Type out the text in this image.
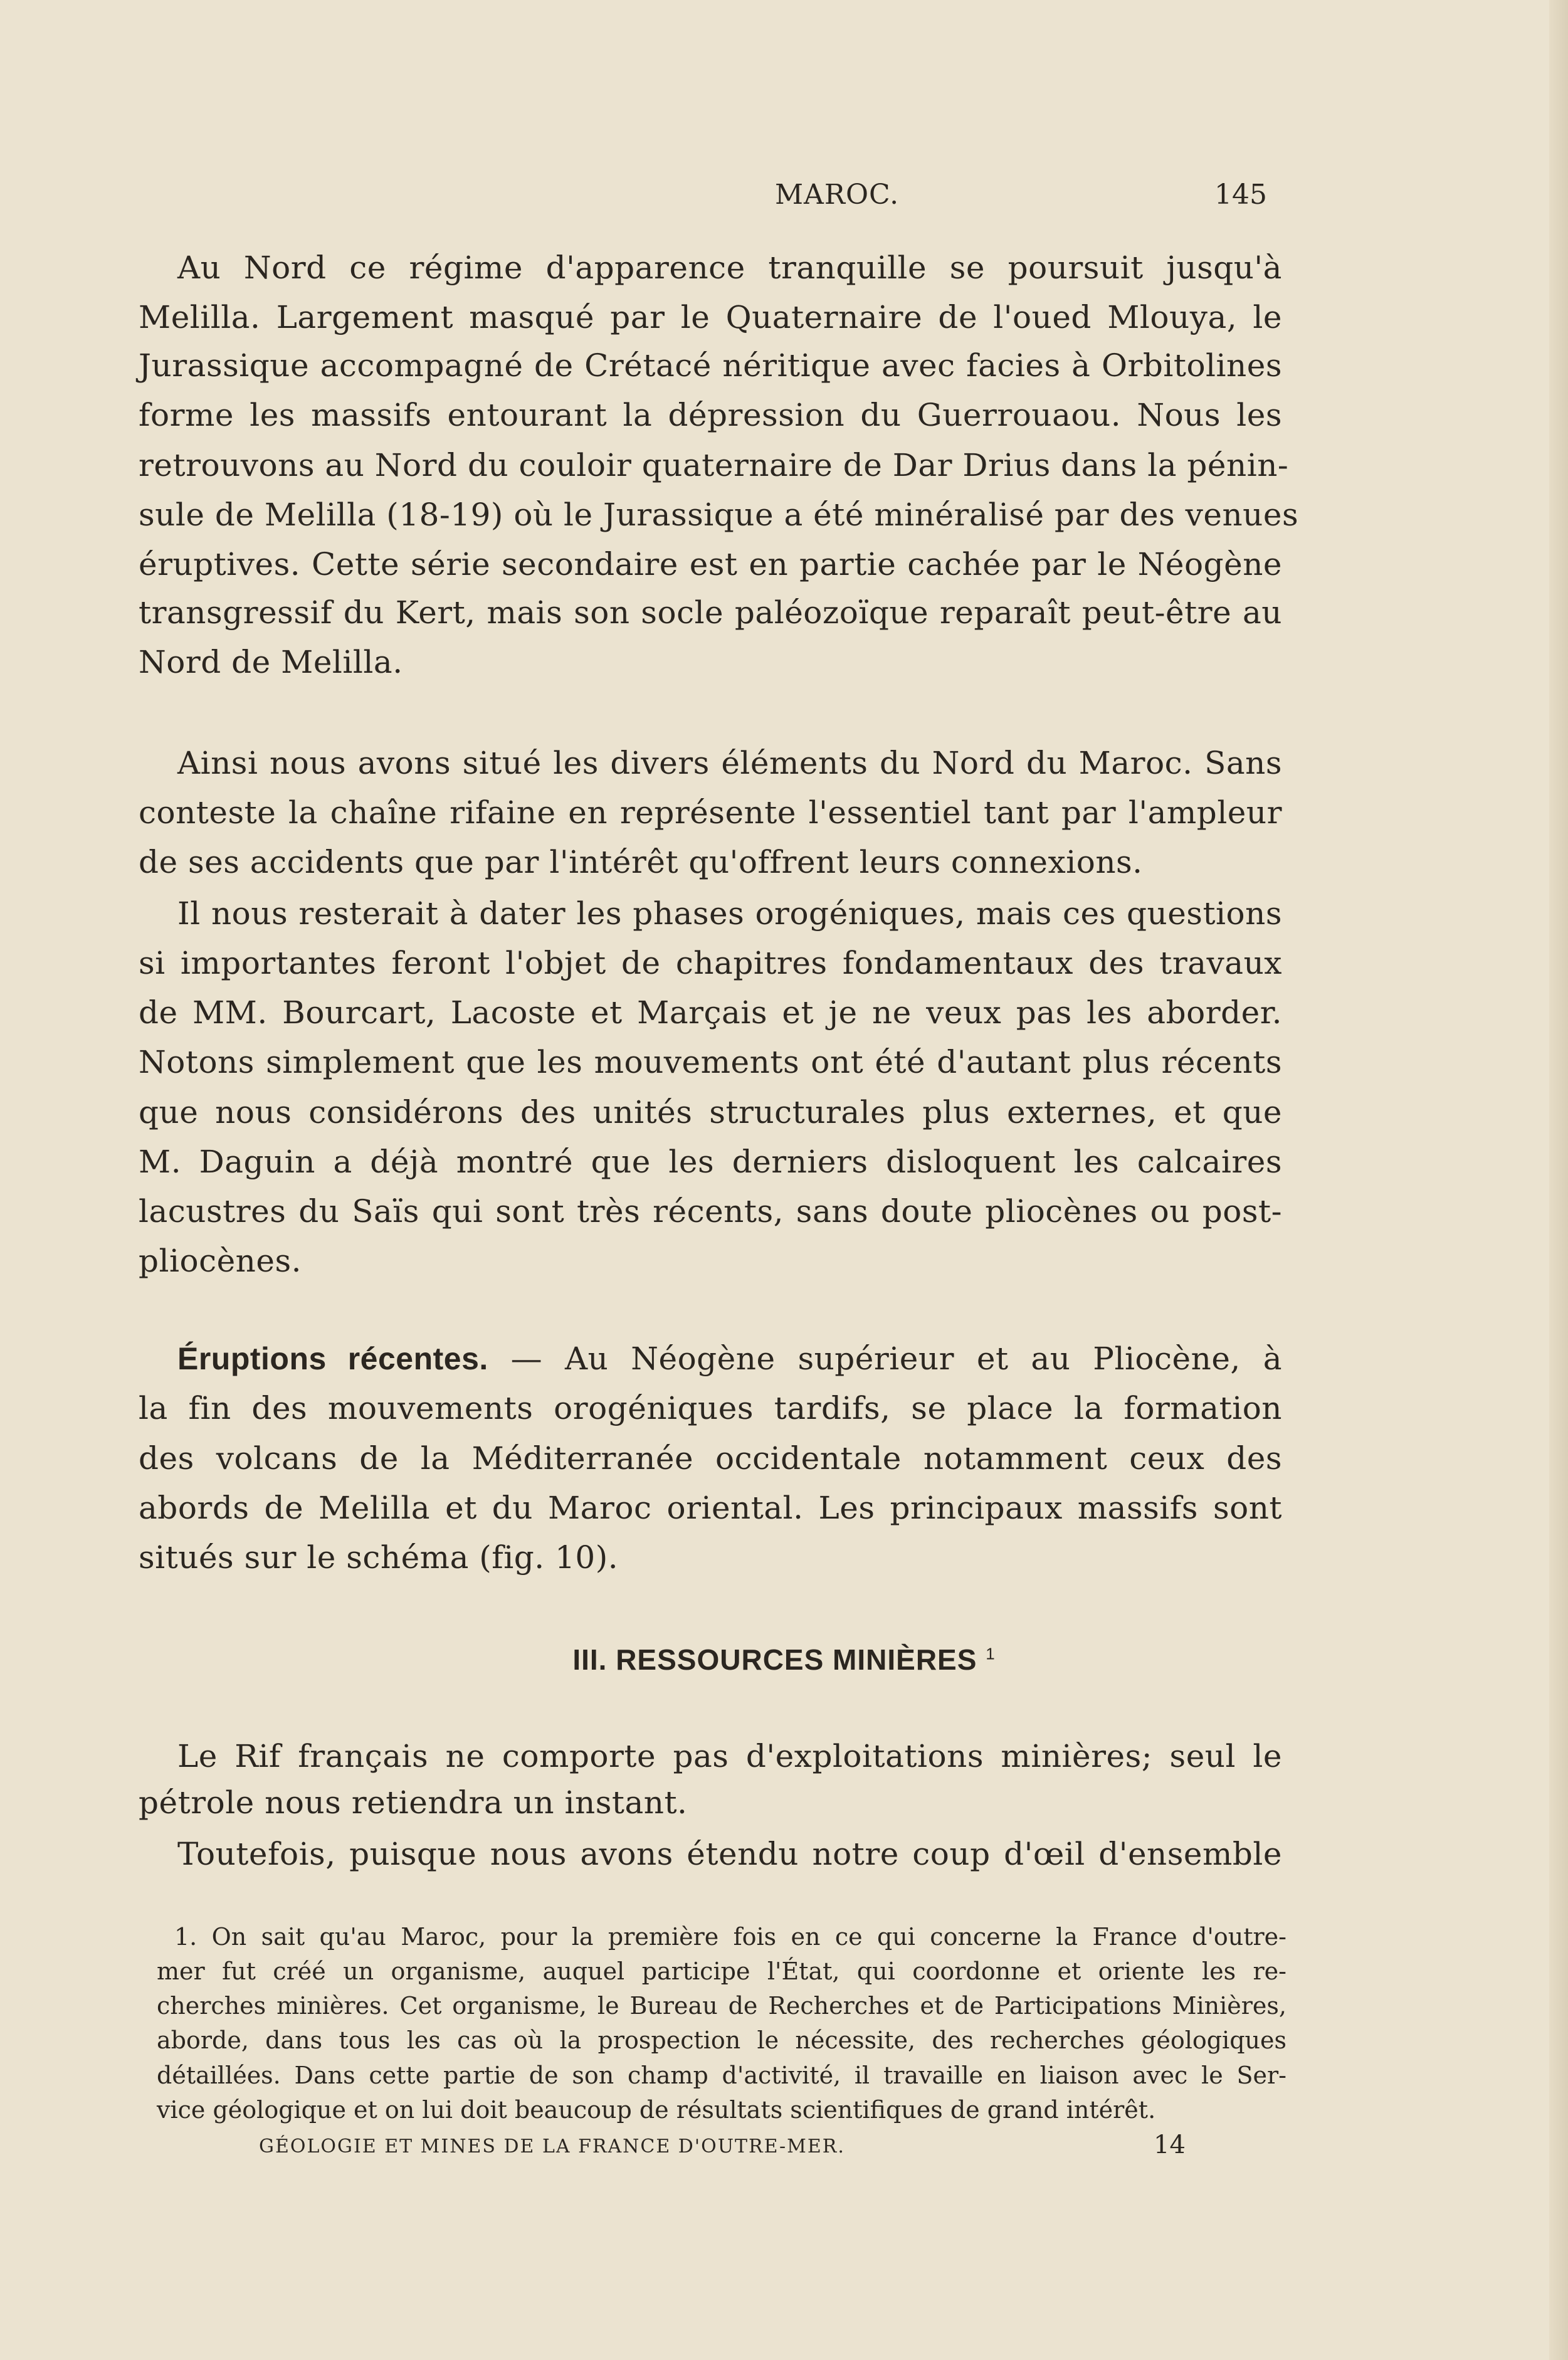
MAROC.	145
Au Nord ce régime d'apparence tranquille se poursuit jusqu'à
Melilla. Largement masqué par le Quaternaire de l'oued Mlouya, le
Jurassique accompagné de Crétacé néritique avec facies à Orbitolines
forme les massifs entourant la dépression du Guerrouaou. Nous les
retrouvons au Nord du couloir quaternaire de Dar Drius dans la pénin-
sule de Melilla (18-19) où le Jurassique a été minéralisé par des venues
éruptives. Cette série secondaire est en partie cachée par le Néogène
transgressif du Kert, mais son socle paléozoïque reparaît peut-être au
Nord de Melilla.
Ainsi nous avons situé les divers éléments du Nord du Maroc. Sans
conteste la chaîne rifaine en représente l'essentiel tant par l'ampleur
de ses accidents que par l'intérêt qu'offrent leurs connexions.
Il nous resterait à dater les phases orogéniques, mais ces questions
si importantes feront l'objet de chapitres fondamentaux des travaux
de MM. Bourcart, Lacoste et Marçais et je ne veux pas les aborder.
Notons simplement que les mouvements ont été d'autant plus récents
que nous considérons des unités structurales plus externes, et que
M. Daguin a déjà montré que les derniers disloquent les calcaires
lacustres du Saïs qui sont très récents, sans doute pliocènes ou post-
pliocènes.
Éruptions récentes. — Au Néogène supérieur et au Pliocène, à
la fin des mouvements orogéniques tardifs, se place la formation
des volcans de la Méditerranée occidentale notamment ceux des
abords de Melilla et du Maroc oriental. Les principaux massifs sont
situés sur le schéma (fig. 10).
Le Rif français ne comporte pas d'exploitations minières; seul le
pétrole nous retiendra un instant.
Toutefois, puisque nous avons étendu notre coup d'œil d'ensemble
III. RESSOURCES MINIÈRES $^1$
1. On sait qu'au Maroc, pour la première fois en ce qui concerne la France d'outre-
mer fut créé un organisme, auquel participe l'État, qui coordonne et oriente les re-
cherches minières. Cet organisme, le Bureau de Recherches et de Participations Minières,
aborde, dans tous les cas où la prospection le nécessite, des recherches géologiques
détaillées. Dans cette partie de son champ d'activité, il travaille en liaison avec le Ser-
vice géologique et on lui doit beaucoup de résultats scientifiques de grand intérêt.
GÉOLOGIE ET MINES DE LA FRANCE D'OUTRE-MER.	14
